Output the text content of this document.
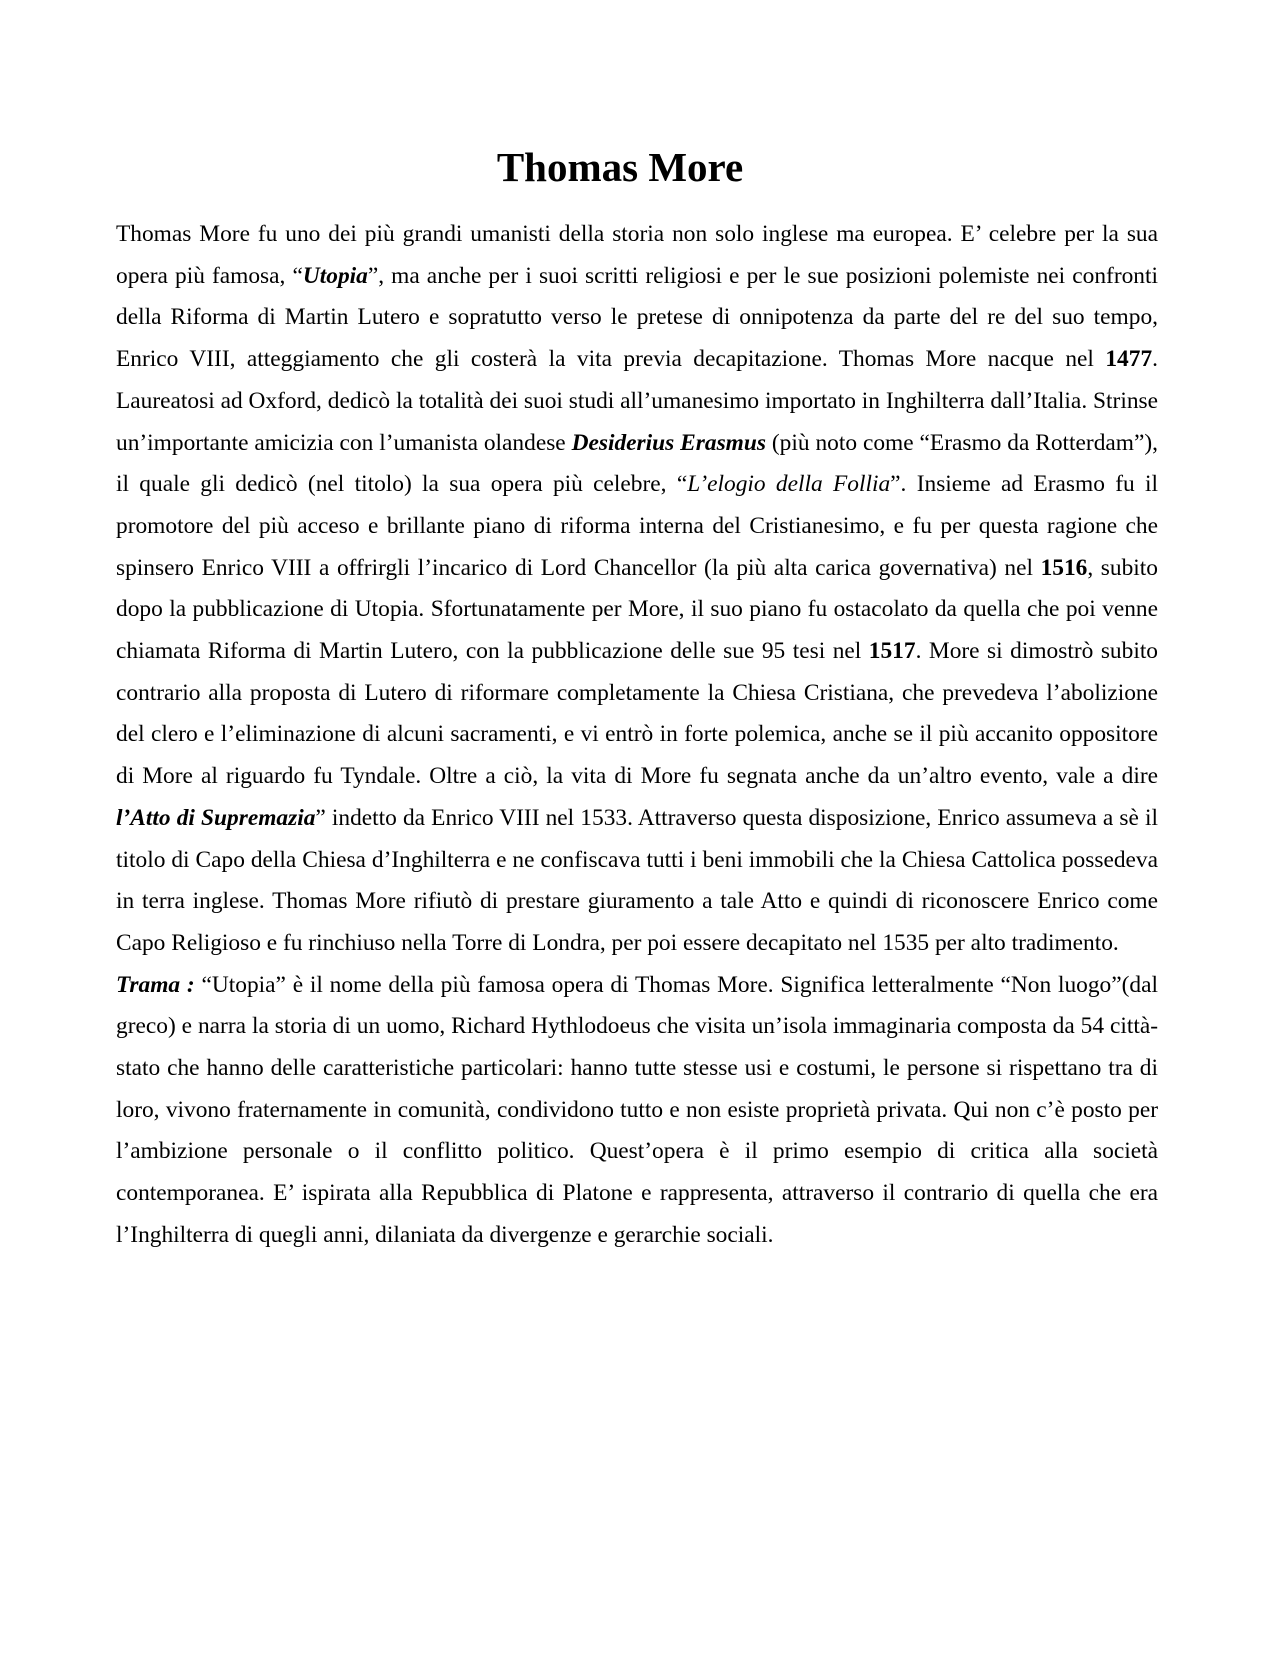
Thomas More

Thomas More fu uno dei più grandi umanisti della storia non solo inglese ma europea. E’ celebre per la sua opera più famosa, “Utopia”, ma anche per i suoi scritti religiosi e per le sue posizioni polemiste nei confronti della Riforma di Martin Lutero e sopratutto verso le pretese di onnipotenza da parte del re del suo tempo, Enrico VIII, atteggiamento che gli costerà la vita previa decapitazione. Thomas More nacque nel 1477. Laureatosi ad Oxford, dedicò la totalità dei suoi studi all’umanesimo importato in Inghilterra dall’Italia. Strinse un’importante amicizia con l’umanista olandese Desiderius Erasmus (più noto come “Erasmo da Rotterdam”), il quale gli dedicò (nel titolo) la sua opera più celebre, “L’elogio della Follia”. Insieme ad Erasmo fu il promotore del più acceso e brillante piano di riforma interna del Cristianesimo, e fu per questa ragione che spinsero Enrico VIII a offrirgli l’incarico di Lord Chancellor (la più alta carica governativa) nel 1516, subito dopo la pubblicazione di Utopia. Sfortunatamente per More, il suo piano fu ostacolato da quella che poi venne chiamata Riforma di Martin Lutero, con la pubblicazione delle sue 95 tesi nel 1517. More si dimostrò subito contrario alla proposta di Lutero di riformare completamente la Chiesa Cristiana, che prevedeva l’abolizione del clero e l’eliminazione di alcuni sacramenti, e vi entrò in forte polemica, anche se il più accanito oppositore di More al riguardo fu Tyndale. Oltre a ciò, la vita di More fu segnata anche da un’altro evento, vale a dire l’Atto di Supremazia” indetto da Enrico VIII nel 1533. Attraverso questa disposizione, Enrico assumeva a sè il titolo di Capo della Chiesa d’Inghilterra e ne confiscava tutti i beni immobili che la Chiesa Cattolica possedeva in terra inglese. Thomas More rifiutò di prestare giuramento a tale Atto e quindi di riconoscere Enrico come Capo Religioso e fu rinchiuso nella Torre di Londra, per poi essere decapitato nel 1535 per alto tradimento.

Trama : “Utopia” è il nome della più famosa opera di Thomas More. Significa letteralmente “Non luogo”(dal greco) e narra la storia di un uomo, Richard Hythlodoeus che visita un’isola immaginaria composta da 54 città-stato che hanno delle caratteristiche particolari: hanno tutte stesse usi e costumi, le persone si rispettano tra di loro, vivono fraternamente in comunità, condividono tutto e non esiste proprietà privata. Qui non c’è posto per l’ambizione personale o il conflitto politico. Quest’opera è il primo esempio di critica alla società contemporanea. E’ ispirata alla Repubblica di Platone e rappresenta, attraverso il contrario di quella che era l’Inghilterra di quegli anni, dilaniata da divergenze e gerarchie sociali.
